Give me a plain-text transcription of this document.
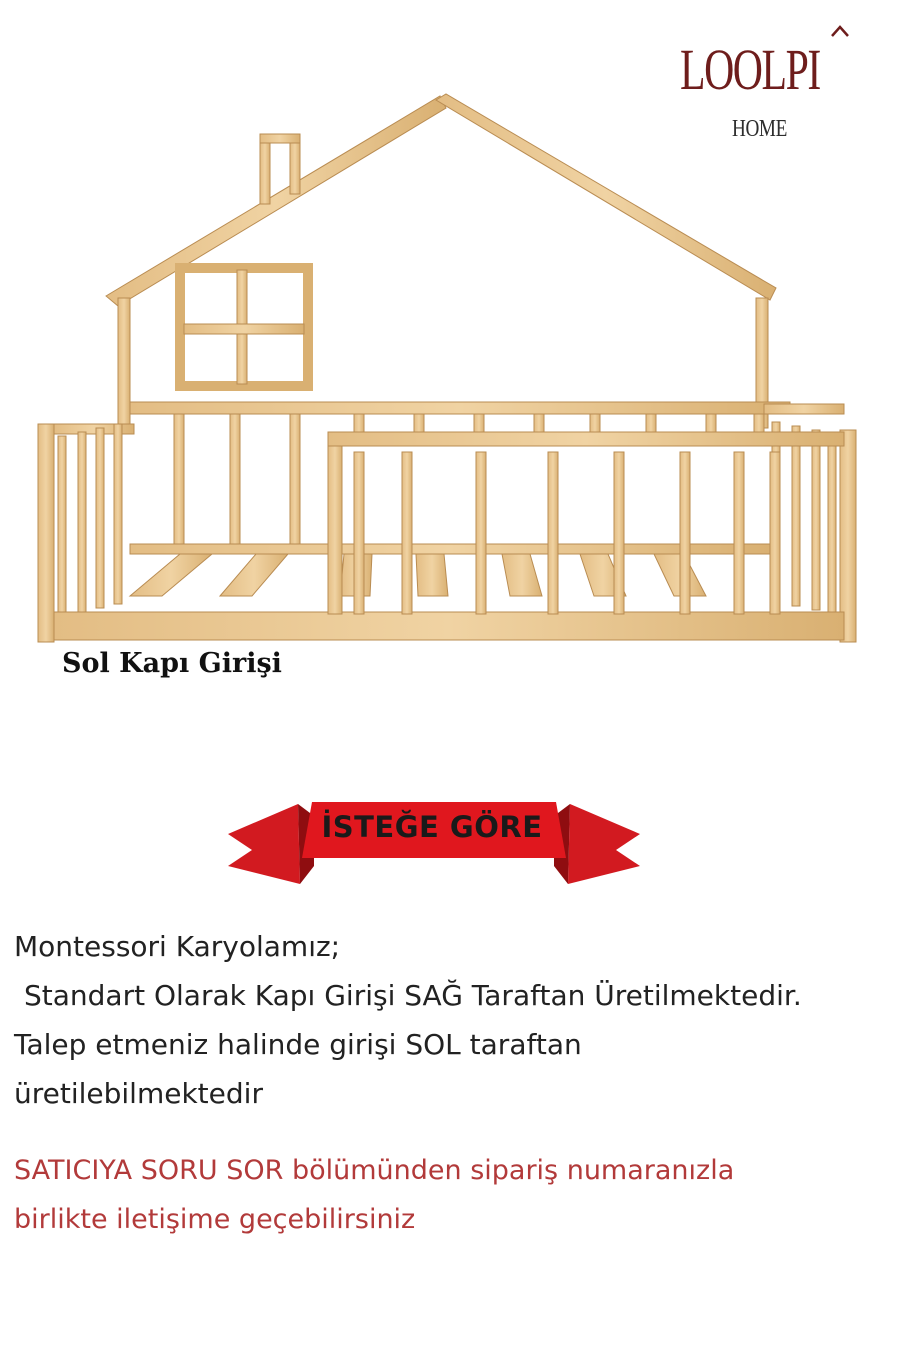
LOOLPI
HOME
Sol Kapı Girişi
İSTEĞE GÖRE
Montessori Karyolamız;
Standart Olarak Kapı Girişi SAĞ Taraftan Üretilmektedir.
Talep etmeniz halinde girişi SOL taraftan
üretilebilmektedir
SATICIYA SORU SOR bölümünden sipariş numaranızla
birlikte iletişime geçebilirsiniz
